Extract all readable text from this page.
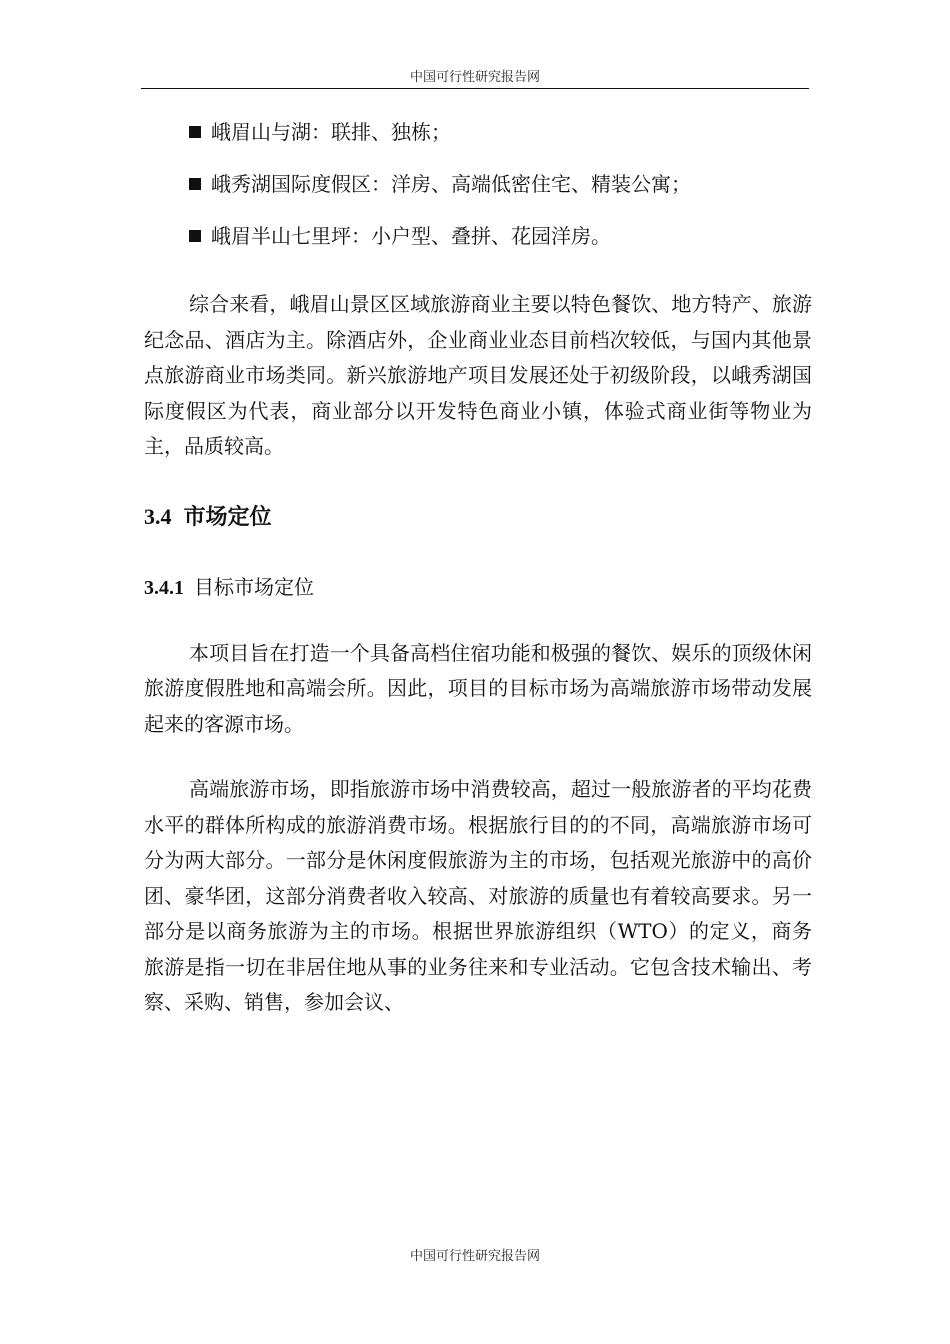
中国可行性研究报告网
峨眉山与湖：联排、独栋；
峨秀湖国际度假区：洋房、高端低密住宅、精装公寓；
峨眉半山七里坪：小户型、叠拼、花园洋房。

综合来看，峨眉山景区区域旅游商业主要以特色餐饮、地方特产、旅游纪念品、酒店为主。除酒店外，企业商业业态目前档次较低，与国内其他景点旅游商业市场类同。新兴旅游地产项目发展还处于初级阶段，以峨秀湖国际度假区为代表，商业部分以开发特色商业小镇，体验式商业街等物业为主，品质较高。

3.4 市场定位
3.4.1 目标市场定位

本项目旨在打造一个具备高档住宿功能和极强的餐饮、娱乐的顶级休闲旅游度假胜地和高端会所。因此，项目的目标市场为高端旅游市场带动发展起来的客源市场。

高端旅游市场，即指旅游市场中消费较高，超过一般旅游者的平均花费水平的群体所构成的旅游消费市场。根据旅行目的的不同，高端旅游市场可分为两大部分。一部分是休闲度假旅游为主的市场，包括观光旅游中的高价团、豪华团，这部分消费者收入较高、对旅游的质量也有着较高要求。另一部分是以商务旅游为主的市场。根据世界旅游组织（WTO）的定义，商务旅游是指一切在非居住地从事的业务往来和专业活动。它包含技术输出、考察、采购、销售，参加会议、

中国可行性研究报告网
